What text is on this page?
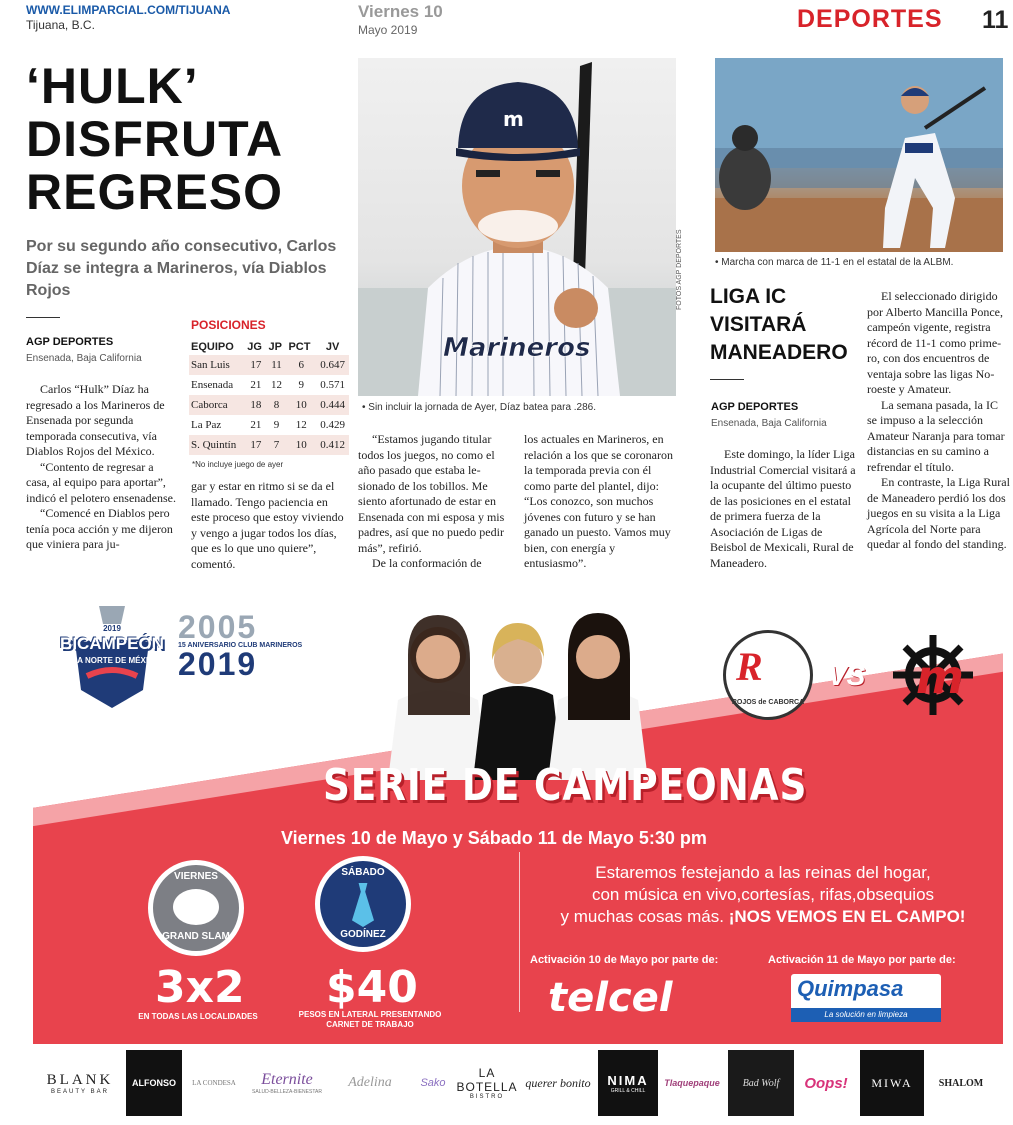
WWW.ELIMPARCIAL.COM/TIJUANA
Tijuana, B.C.
Viernes 10
Mayo 2019	DEPORTES 11
‘HULK’
DISFRUTA
REGRESO
Por su segundo año consecutivo, Carlos Díaz se integra a Marineros, vía Diablos Rojos
AGP DEPORTES
Ensenada, Baja California

Carlos “Hulk” Díaz ha regresado a los Marineros de Ensenada por segunda temporada consecutiva, vía Diablos Rojos del México.

“Contento de regresar a casa, al equipo para aportar”, indicó el pelotero ensenadense.

“Comencé en Diablos pero tenía poca acción y me dijeron que viniera para ju-

POSICIONES
EQUIPO	JG	JP	PCT	JV
San Luis	17	11	6	0.647
Ensenada	21	12	9	0.571
Caborca	18	8	10	0.444
La Paz	21	9	12	0.429
S. Quintín	17	7	10	0.412
*No incluye juego de ayer

gar y estar en ritmo si se da el llamado. Tengo paciencia en este proceso que estoy viviendo y vengo a jugar todos los días, que es lo que uno quiere”, comentó.

Marineros
m
FOTOS AGP DEPORTES
• Sin incluir la jornada de Ayer, Díaz batea para .286.

“Estamos jugando titular todos los juegos, no como el año pasado que estaba lesionado de los tobillos. Me siento afortunado de estar en Ensenada con mi esposa y mis padres, así que no puedo pedir más”, refirió.

De la conformación de

los actuales en Marineros, en relación a los que se coronaron la temporada previa con él como parte del plantel, dijo: “Los conozco, son muchos jóvenes con futuro y se han ganado un puesto. Vamos muy bien, con energía y entusiasmo”.

• Marcha con marca de 11-1 en el estatal de la ALBM.
LIGA IC
VISITARÁ
MANEADERO
AGP DEPORTES
Ensenada, Baja California

Este domingo, la líder Liga Industrial Comercial visitará a la ocupante del último puesto de las posiciones en el estatal de primera fuerza de la Asociación de Ligas de Beisbol de Mexicali, Rural de Maneadero.

El seleccionado dirigido por Alberto Mancilla Ponce, campeón vigente, registra récord de 11-1 como primero, con dos encuentros de ventaja sobre las ligas Noroeste y Amateur.

La semana pasada, la IC se impuso a la selección Amateur Naranja para tomar distancias en su camino a refrendar el título.

En contraste, la Liga Rural de Maneadero perdió los dos juegos en su visita a la Liga Agrícola del Norte para quedar al fondo del standing.

BICAMPEÓN
LIGA NORTE DE MÉXICO
2019	2005
15 ANIVERSARIO CLUB MARINEROS
2019	R
ROJOS de CABORCA
VS m
SERIE DE CAMPEONAS
Viernes 10 de Mayo y Sábado 11 de Mayo 5:30 pm
VIERNES
GRAND SLAM
3x2
EN TODAS LAS LOCALIDADES
SÁBADO
GODÍNEZ
$40
PESOS EN LATERAL PRESENTANDO
CARNET DE TRABAJO
Estaremos festejando a las reinas del hogar,
con música en vivo,cortesías, rifas,obsequios
y muchas cosas más. ¡NOS VEMOS EN EL CAMPO!
Activación 10 de Mayo por parte de:	Activación 11 de Mayo por parte de:
telcel	Quimpasa
La solución en limpieza
BLANK
BEAUTY BAR
ALFONSO	LA CONDESA	Eternite
SALUD-BELLEZA-BIENESTAR
Adelina	Sako
LA BOTELLA
BISTRO
querer bonito	NIMA
GRILL & CHILL
Tlaquepaque	Bad Wolf	Oops!	MIWA	SHALOM
